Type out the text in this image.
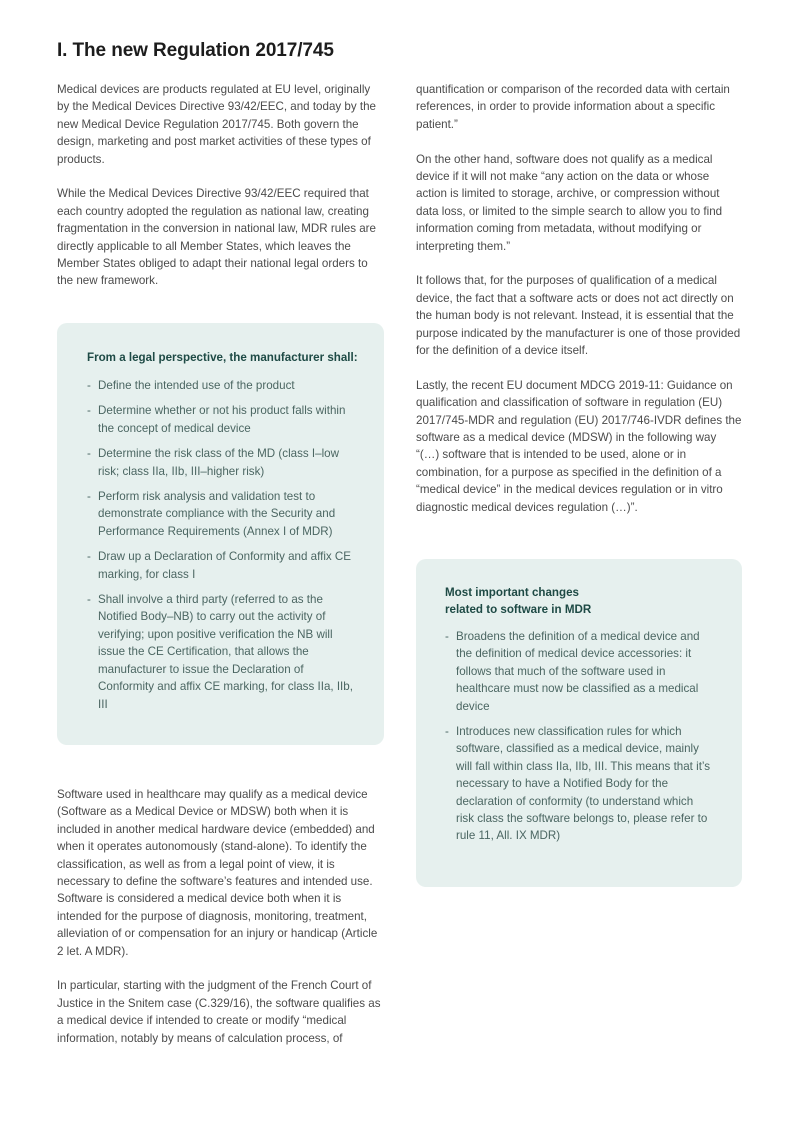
I. The new Regulation 2017/745

Medical devices are products regulated at EU level, originally by the Medical Devices Directive 93/42/EEC, and today by the new Medical Device Regulation 2017/745. Both govern the design, marketing and post market activities of these types of products.

While the Medical Devices Directive 93/42/EEC required that each country adopted the regulation as national law, creating fragmentation in the conversion in national law, MDR rules are directly applicable to all Member States, which leaves the Member States obliged to adapt their national legal orders to the new framework.

From a legal perspective, the manufacturer shall:
- Define the intended use of the product
- Determine whether or not his product falls within the concept of medical device
- Determine the risk class of the MD (class I–low risk; class IIa, IIb, III–higher risk)
- Perform risk analysis and validation test to demonstrate compliance with the Security and Performance Requirements (Annex I of MDR)
- Draw up a Declaration of Conformity and affix CE marking, for class I
- Shall involve a third party (referred to as the Notified Body–NB) to carry out the activity of verifying; upon positive verification the NB will issue the CE Certification, that allows the manufacturer to issue the Declaration of Conformity and affix CE marking, for class IIa, IIb, III

Software used in healthcare may qualify as a medical device (Software as a Medical Device or MDSW) both when it is included in another medical hardware device (embedded) and when it operates autonomously (stand-alone). To identify the classification, as well as from a legal point of view, it is necessary to define the software’s features and intended use. Software is considered a medical device both when it is intended for the purpose of diagnosis, monitoring, treatment, alleviation of or compensation for an injury or handicap (Article 2 let. A MDR).

In particular, starting with the judgment of the French Court of Justice in the Snitem case (C.329/16), the software qualifies as a medical device if intended to create or modify “medical information, notably by means of calculation process, of

quantification or comparison of the recorded data with certain references, in order to provide information about a specific patient.”

On the other hand, software does not qualify as a medical device if it will not make “any action on the data or whose action is limited to storage, archive, or compression without data loss, or limited to the simple search to allow you to find information coming from metadata, without modifying or interpreting them.”

It follows that, for the purposes of qualification of a medical device, the fact that a software acts or does not act directly on the human body is not relevant. Instead, it is essential that the purpose indicated by the manufacturer is one of those provided for the definition of a device itself.

Lastly, the recent EU document MDCG 2019-11: Guidance on qualification and classification of software in regulation (EU) 2017/745-MDR and regulation (EU) 2017/746-IVDR defines the software as a medical device (MDSW) in the following way “(…) software that is intended to be used, alone or in combination, for a purpose as specified in the definition of a “medical device” in the medical devices regulation or in vitro diagnostic medical devices regulation (…)”.

Most important changes
related to software in MDR
- Broadens the definition of a medical device and the definition of medical device accessories: it follows that much of the software used in healthcare must now be classified as a medical device
- Introduces new classification rules for which software, classified as a medical device, mainly will fall within class IIa, IIb, III. This means that it’s necessary to have a Notified Body for the declaration of conformity (to understand which risk class the software belongs to, please refer to rule 11, All. IX MDR)
